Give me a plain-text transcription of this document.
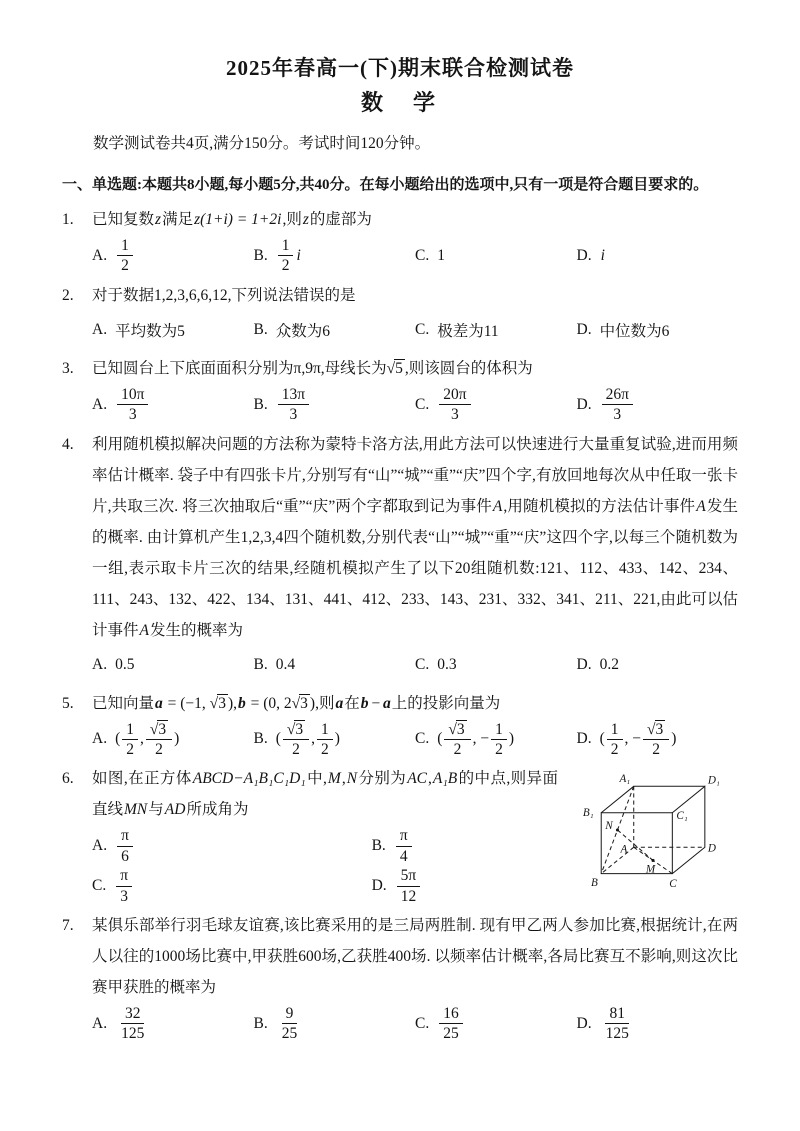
2025年春高一(下)期末联合检测试卷
数　学

数学测试卷共4页,满分150分。考试时间120分钟。

一、单选题:本题共8小题,每小题5分,共40分。在每小题给出的选项中,只有一项是符合题目要求的。

1. 已知复数z满足z(1+i) = 1+2i,则z的虚部为
A. $\frac{1}{2}$	B. $\frac{1}{2}$ i	C. 1	D. i
2. 对于数据1,2,3,6,6,12,下列说法错误的是
A. 平均数为5	B. 众数为6	C. 极差为11	D. 中位数为6
3. 已知圆台上下底面面积分别为π,9π,母线长为√5 ,则该圆台的体积为
A. $\frac{10\pi}{3}$	B. $\frac{13\pi}{3}$	C. $\frac{20\pi}{3}$	D. $\frac{26\pi}{3}$
4. 利用随机模拟解决问题的方法称为蒙特卡洛方法,用此方法可以快速进行大量重复试验,进而用频率估计概率. 袋子中有四张卡片,分别写有“山”“城”“重”“庆”四个字,有放回地每次从中任取一张卡片,共取三次. 将三次抽取后“重”“庆”两个字都取到记为事件A,用随机模拟的方法估计事件A发生的概率. 由计算机产生1,2,3,4四个随机数,分别代表“山”“城”“重”“庆”这四个字,以每三个随机数为一组,表示取卡片三次的结果,经随机模拟产生了以下20组随机数:121、112、433、142、234、111、243、132、422、134、131、441、412、233、143、231、332、341、211、221,由此可以估计事件A发生的概率为
A. 0.5	B. 0.4	C. 0.3	D. 0.2
5. 已知向量a = (−1, √3 ),b = (0, 2√3 ),则a在b − a上的投影向量为
A. ( $\frac{1}{2}$ , $\frac{√3}{2}$ )	B. ( $\frac{√3}{2}$ , $\frac{1}{2}$ )	C. ( $\frac{√3}{2}$ , − $\frac{1}{2}$ )	D. ( $\frac{1}{2}$ , − $\frac{√3}{2}$ )
6. 如图,在正方体ABCD−A₁B₁C₁D₁中,M,N分别为AC,A₁B的中点,则异面直线MN与AD所成角为
A₁	D₁
B₁	C₁
A	D
B	C
M
N
A. $\frac{\pi}{6}$	B. $\frac{\pi}{4}$
C. $\frac{\pi}{3}$	D. $\frac{5\pi}{12}$
7. 某俱乐部举行羽毛球友谊赛,该比赛采用的是三局两胜制. 现有甲乙两人参加比赛,根据统计,在两人以往的1000场比赛中,甲获胜600场,乙获胜400场. 以频率估计概率,各局比赛互不影响,则这次比赛甲获胜的概率为
A. $\frac{32}{125}$	B. $\frac{9}{25}$	C. $\frac{16}{25}$	D. $\frac{81}{125}$
